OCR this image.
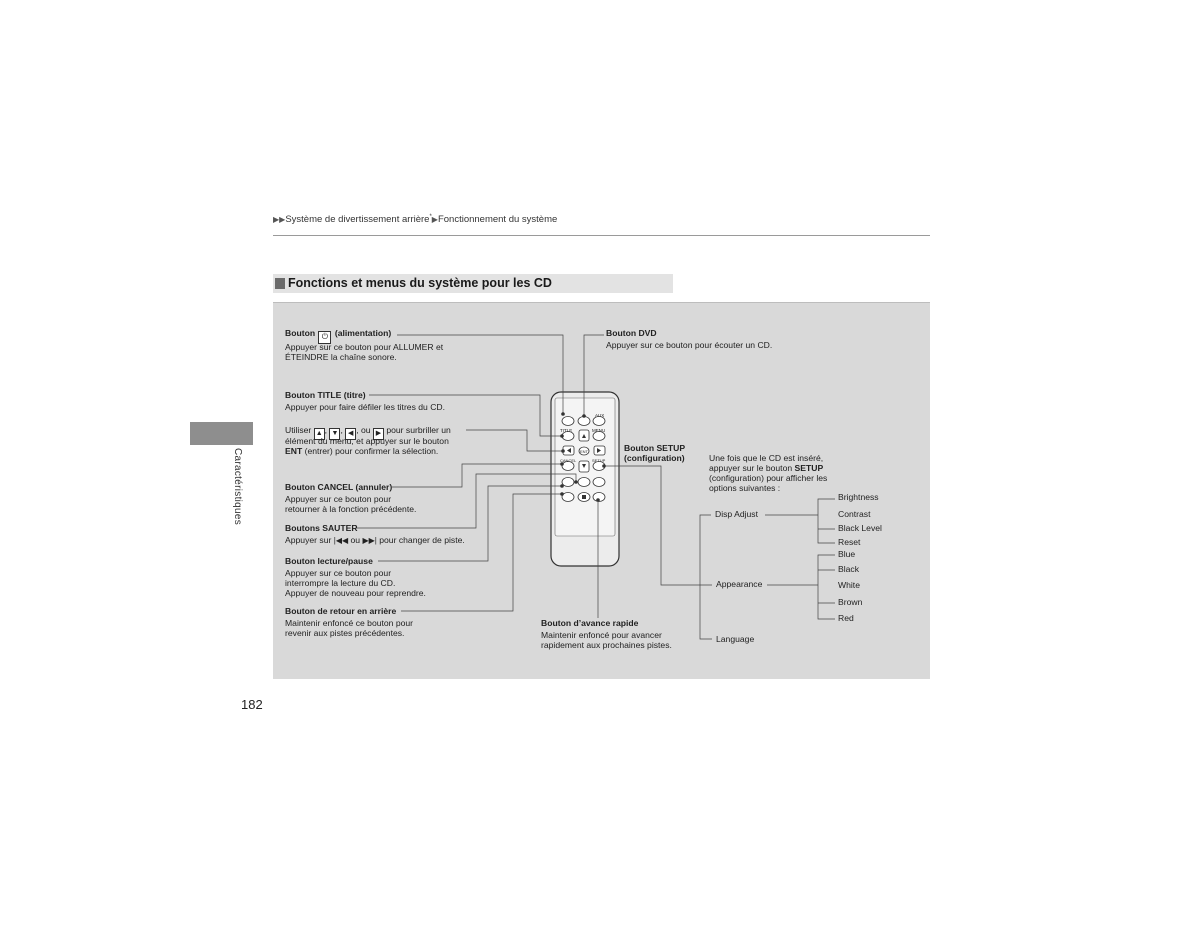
▶▶Système de divertissement arrière*▶Fonctionnement du système
Fonctions et menus du système pour les CD
Caractéristiques
TITLE	MENU
AUX
ENT
CANCEL	SETUP
Bouton ⏻ (alimentation)
Appuyer sur ce bouton pour ALLUMER et
ÉTEINDRE la chaîne sonore.
Bouton TITLE (titre)
Appuyer pour faire défiler les titres du CD.
Utiliser ▲ , ▼ , ◀ , ou ▶ pour surbriller un
élément du menu, et appuyer sur le bouton
ENT (entrer) pour confirmer la sélection.
Bouton CANCEL (annuler)
Appuyer sur ce bouton pour
retourner à la fonction précédente.
Boutons SAUTER
Appuyer sur |◀◀ ou ▶▶| pour changer de piste.
Bouton lecture/pause
Appuyer sur ce bouton pour
interrompre la lecture du CD.
Appuyer de nouveau pour reprendre.
Bouton de retour en arrière
Maintenir enfoncé ce bouton pour
revenir aux pistes précédentes.
Bouton d’avance rapide
Maintenir enfoncé pour avancer
rapidement aux prochaines pistes.
Bouton DVD
Appuyer sur ce bouton pour écouter un CD.
Bouton SETUP
(configuration)	Une fois que le CD est inséré,
appuyer sur le bouton SETUP
(configuration) pour afficher les
options suivantes :
Disp Adjust
Brightness
Contrast
Black Level
Reset
Appearance
Blue
Black
White
Brown
Red
Language
182
